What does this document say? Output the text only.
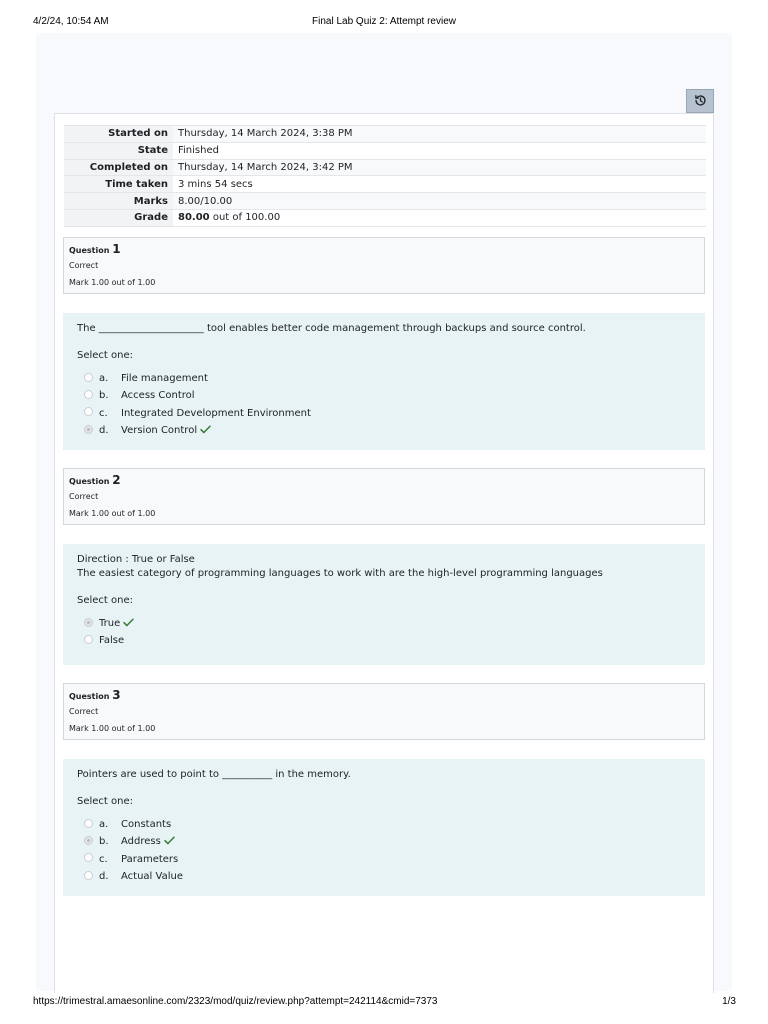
4/2/24, 10:54 AM	Final Lab Quiz 2: Attempt review
Started on	Thursday, 14 March 2024, 3:38 PM
State	Finished
Completed on	Thursday, 14 March 2024, 3:42 PM
Time taken	3 mins 54 secs
Marks	8.00/10.00
Grade	80.00 out of 100.00
Question 1
Correct
Mark 1.00 out of 1.00

The _____________________ tool enables better code management through backups and source control.

Select one:

a. File management
b. Access Control
c. Integrated Development Environment
d. Version Control
Question 2
Correct
Mark 1.00 out of 1.00

Direction : True or False

The easiest category of programming languages to work with are the high-level programming languages

Select one:

True
False
Question 3
Correct
Mark 1.00 out of 1.00

Pointers are used to point to __________ in the memory.

Select one:

a. Constants
b. Address
c. Parameters
d. Actual Value
https://trimestral.amaesonline.com/2323/mod/quiz/review.php?attempt=242114&cmid=7373	1/3
